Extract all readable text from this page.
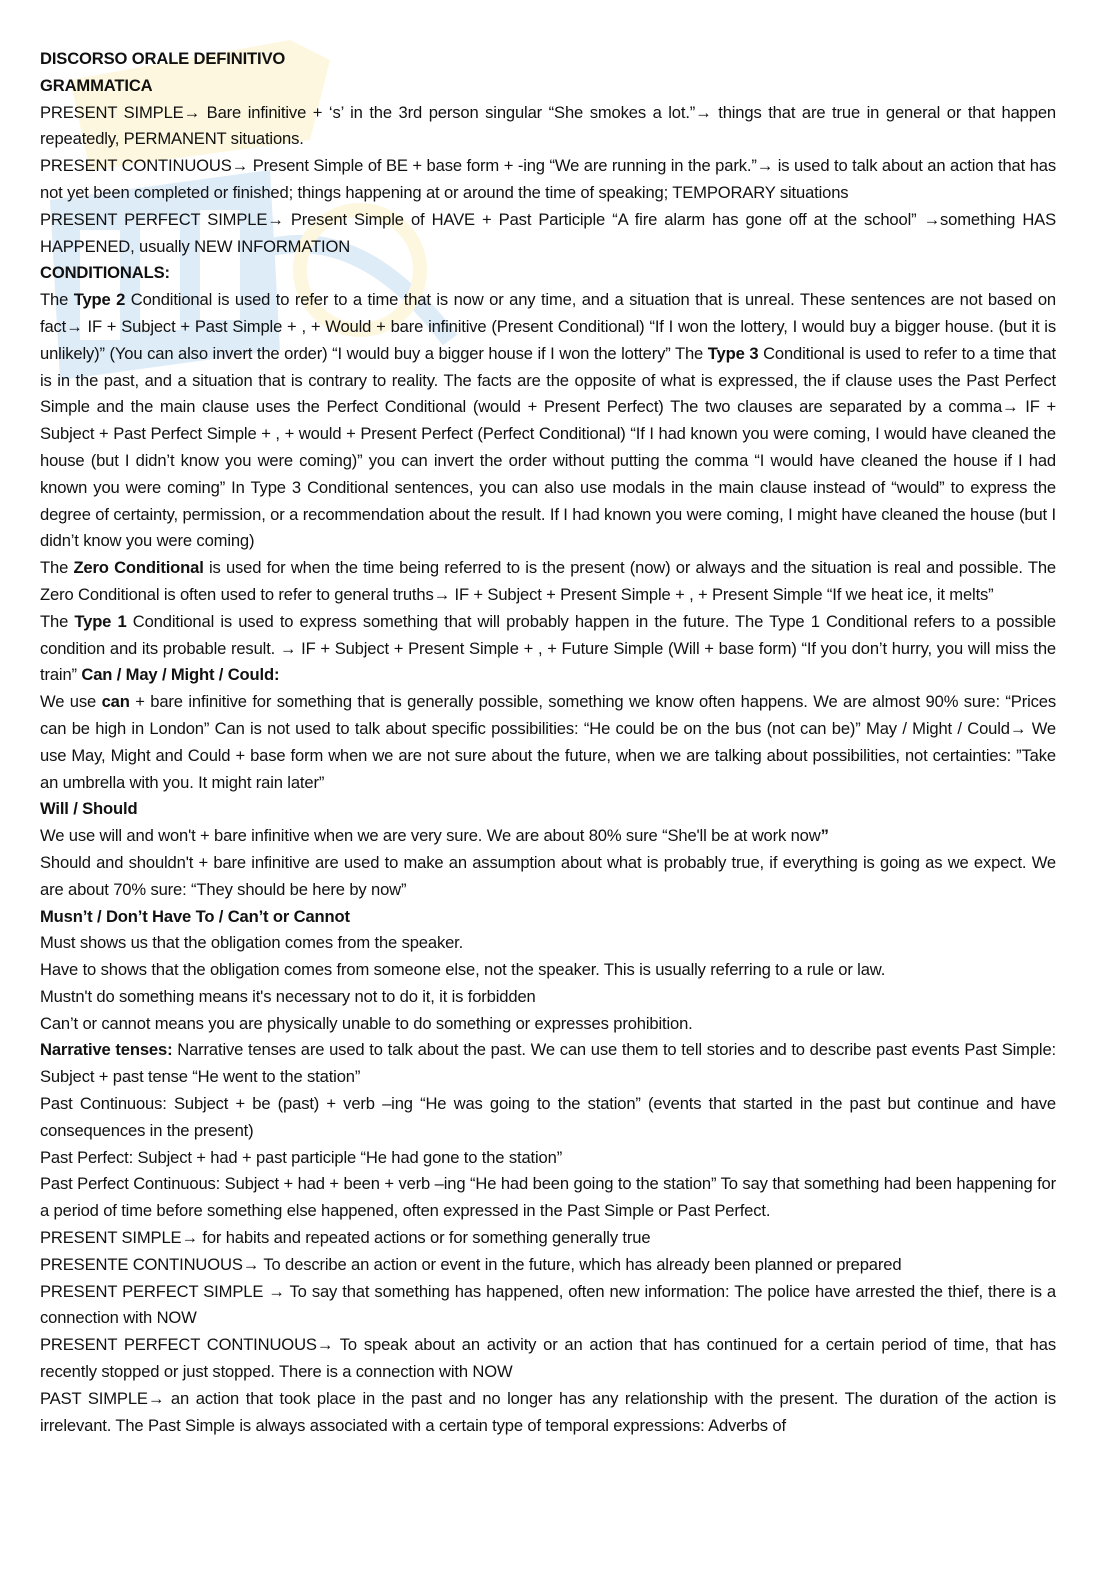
DISCORSO ORALE DEFINITIVO

GRAMMATICA

PRESENT SIMPLE→ Bare infinitive + ‘s’ in the 3rd person singular “She smokes a lot.”→ things that are true in general or that happen repeatedly, PERMANENT situations.

PRESENT CONTINUOUS→ Present Simple of BE + base form + -ing “We are running in the park.”→ is used to talk about an action that has not yet been completed or finished; things happening at or around the time of speaking; TEMPORARY situations

PRESENT PERFECT SIMPLE→ Present Simple of HAVE + Past Participle “A fire alarm has gone off at the school” →something HAS HAPPENED, usually NEW INFORMATION

CONDITIONALS:

The Type 2 Conditional is used to refer to a time that is now or any time, and a situation that is unreal. These sentences are not based on fact→ IF + Subject + Past Simple + , + Would + bare infinitive (Present Conditional) “If I won the lottery, I would buy a bigger house. (but it is unlikely)” (You can also invert the order) “I would buy a bigger house if I won the lottery” The Type 3 Conditional is used to refer to a time that is in the past, and a situation that is contrary to reality. The facts are the opposite of what is expressed, the if clause uses the Past Perfect Simple and the main clause uses the Perfect Conditional (would + Present Perfect) The two clauses are separated by a comma→ IF + Subject + Past Perfect Simple + , + would + Present Perfect (Perfect Conditional) “If I had known you were coming, I would have cleaned the house (but I didn’t know you were coming)” you can invert the order without putting the comma “I would have cleaned the house if I had known you were coming” In Type 3 Conditional sentences, you can also use modals in the main clause instead of “would” to express the degree of certainty, permission, or a recommendation about the result. If I had known you were coming, I might have cleaned the house (but I didn’t know you were coming)

The Zero Conditional is used for when the time being referred to is the present (now) or always and the situation is real and possible. The Zero Conditional is often used to refer to general truths→ IF + Subject + Present Simple + , + Present Simple “If we heat ice, it melts”

The Type 1 Conditional is used to express something that will probably happen in the future. The Type 1 Conditional refers to a possible condition and its probable result. → IF + Subject + Present Simple + , + Future Simple (Will + base form) “If you don’t hurry, you will miss the train” Can / May / Might / Could:

We use can + bare infinitive for something that is generally possible, something we know often happens. We are almost 90% sure: “Prices can be high in London” Can is not used to talk about specific possibilities: “He could be on the bus (not can be)” May / Might / Could→ We use May, Might and Could + base form when we are not sure about the future, when we are talking about possibilities, not certainties: ”Take an umbrella with you. It might rain later”

Will / Should

We use will and won't + bare infinitive when we are very sure. We are about 80% sure “She'll be at work now”

Should and shouldn't + bare infinitive are used to make an assumption about what is probably true, if everything is going as we expect. We are about 70% sure: “They should be here by now”

Musn’t / Don’t Have To / Can’t or Cannot

Must shows us that the obligation comes from the speaker.

Have to shows that the obligation comes from someone else, not the speaker. This is usually referring to a rule or law.

Mustn't do something means it's necessary not to do it, it is forbidden

Can’t or cannot means you are physically unable to do something or expresses prohibition.

Narrative tenses: Narrative tenses are used to talk about the past. We can use them to tell stories and to describe past events Past Simple: Subject + past tense “He went to the station”

Past Continuous: Subject + be (past) + verb –ing “He was going to the station” (events that started in the past but continue and have consequences in the present)

Past Perfect: Subject + had + past participle “He had gone to the station”

Past Perfect Continuous: Subject + had + been + verb –ing “He had been going to the station” To say that something had been happening for a period of time before something else happened, often expressed in the Past Simple or Past Perfect.

PRESENT SIMPLE→ for habits and repeated actions or for something generally true

PRESENTE CONTINUOUS→ To describe an action or event in the future, which has already been planned or prepared

PRESENT PERFECT SIMPLE → To say that something has happened, often new information: The police have arrested the thief, there is a connection with NOW

PRESENT PERFECT CONTINUOUS→ To speak about an activity or an action that has continued for a certain period of time, that has recently stopped or just stopped. There is a connection with NOW

PAST SIMPLE→ an action that took place in the past and no longer has any relationship with the present. The duration of the action is irrelevant. The Past Simple is always associated with a certain type of temporal expressions: Adverbs of
